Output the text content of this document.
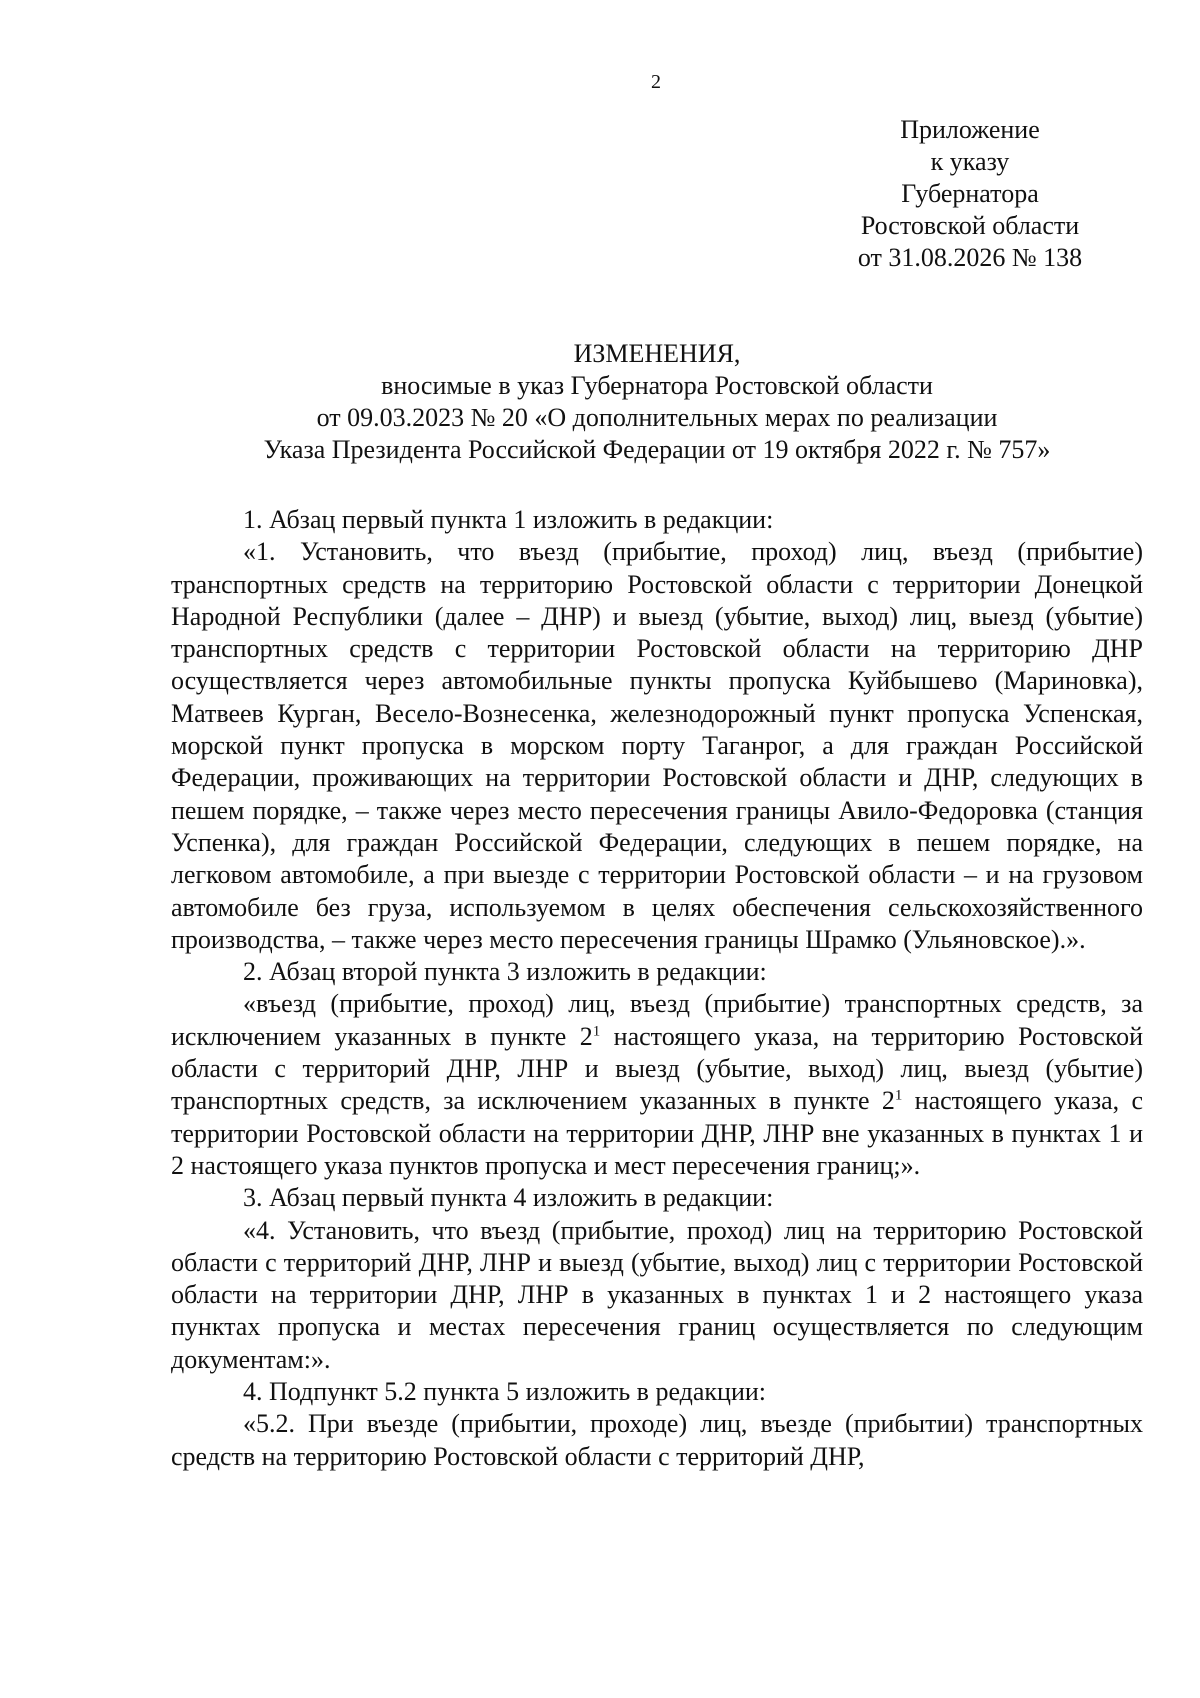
2
Приложение
к указу
Губернатора
Ростовской области
от 31.08.2026 № 138
ИЗМЕНЕНИЯ,
вносимые в указ Губернатора Ростовской области
от 09.03.2023 № 20 «О дополнительных мерах по реализации
Указа Президента Российской Федерации от 19 октября 2022 г. № 757»

1. Абзац первый пункта 1 изложить в редакции:

«1. Установить, что въезд (прибытие, проход) лиц, въезд (прибытие) транспортных средств на территорию Ростовской области с территории Донецкой Народной Республики (далее – ДНР) и выезд (убытие, выход) лиц, выезд (убытие) транспортных средств с территории Ростовской области на территорию ДНР осуществляется через автомобильные пункты пропуска Куйбышево (Мариновка), Матвеев Курган, Весело-Вознесенка, железнодорожный пункт пропуска Успенская, морской пункт пропуска в морском порту Таганрог, а для граждан Российской Федерации, проживающих на территории Ростовской области и ДНР, следующих в пешем порядке, – также через место пересечения границы Авило-Федоровка (станция Успенка), для граждан Российской Федерации, следующих в пешем порядке, на легковом автомобиле, а при выезде с территории Ростовской области – и на грузовом автомобиле без груза, используемом в целях обеспечения сельскохозяйственного производства, – также через место пересечения границы Шрамко (Ульяновское).».

2. Абзац второй пункта 3 изложить в редакции:

«въезд (прибытие, проход) лиц, въезд (прибытие) транспортных средств, за исключением указанных в пункте $2^1$ настоящего указа, на территорию Ростовской области с территорий ДНР, ЛНР и выезд (убытие, выход) лиц, выезд (убытие) транспортных средств, за исключением указанных в пункте $2^1$ настоящего указа, с территории Ростовской области на территории ДНР, ЛНР вне указанных в пунктах 1 и 2 настоящего указа пунктов пропуска и мест пересечения границ;».

3. Абзац первый пункта 4 изложить в редакции:

«4. Установить, что въезд (прибытие, проход) лиц на территорию Ростовской области с территорий ДНР, ЛНР и выезд (убытие, выход) лиц с территории Ростовской области на территории ДНР, ЛНР в указанных в пунктах 1 и 2 настоящего указа пунктах пропуска и местах пересечения границ осуществляется по следующим документам:».

4. Подпункт 5.2 пункта 5 изложить в редакции:

«5.2. При въезде (прибытии, проходе) лиц, въезде (прибытии) транспортных средств на территорию Ростовской области с территорий ДНР,
